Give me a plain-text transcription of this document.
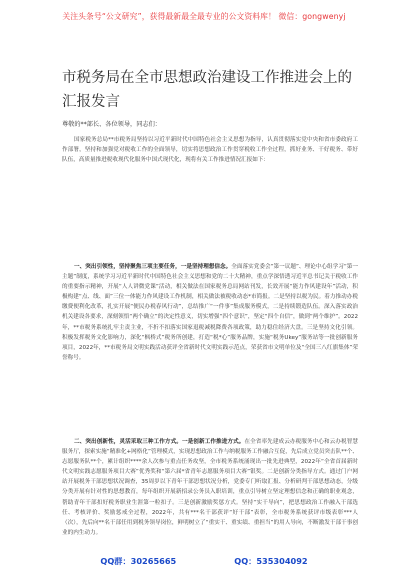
关注头条号“公文研究”，获得最新最全最专业的公文资料库！ 微信：gongwenyj
市税务局在全市思想政治建设工作推进会上的汇报发言
尊敬的**部长、各位领导，同志们：

国家税务总局**市税务局坚持以习近平新时代中国特色社会主义思想为指导，认真贯彻落实党中央和省市委政府工作部署，坚持和加强党对税收工作的全面领导，切实将思想政治工作贯穿税收工作全过程，抓好业务、干好税务、带好队伍，高质量推进税收现代化服务中国式现代化，现将有关工作推进情况汇报如下：

一、突出引领性，坚持聚焦三项主要任务，一是坚持理想信念。全面落实党委会“第一议题”、理论中心组学习“第一主题”制度，系统学习习近平新时代中国特色社会主义思想和党的二十大精神，重点学深悟透习近平总书记关于税收工作的重要指示精神，开展“人人讲微党课”活动，相关做法在国家税务总局网站刊发，长效开展“能力作风建设年”活动，积极构建“点、线、面”三位一体能力作风建设工作机制，相关做法被税收动态*市简报。二是坚持以税为民。着力推动办税缴费便利化改革，扎实开展“便民办税春风行动”，总结推广“一件事”集成服务模式，二是持续锻造队伍。深入落实政治机关建设各要求，深刻领悟“两个确立”的决定性意义，切实增强“四个意识”，坚定“四个自信”，做到“两个维护”。2022年，**市税务系统扎牢主责主业，不折不扣落实国家退税减税降费各项政策，助力稳住经济大盘。三是坚持文化引领。积极发挥税务文化影响力，深化“枫桥式”税务所创建，打造“税*心”服务品牌，实施“税务Ukey”服务站等一批创新服务项目，2022年，**市税务局文明实践活动获评全省新时代文明实践示范点，荣获省市文明单位及“全国三八红旗集体”荣誉称号。

二、突出创新性，灵活采取三种工作方式。一是创新工作推进方式。在全省率先建成云办税服务中心和云办税智慧服务厅，探索实施“精准化+网格化”管理模式，实现思想政治工作与纳税服务工作融合互促，先后成立党员突击队**个、志愿服务队**个，累计组织****余人次参与重点任务攻坚，全市税务系统涌现出一批先进典型，2022年“全省首届新时代文明实践志愿服务项目大赛”优秀奖和“第六届*省青年志愿服务项目大赛”银奖。二是创新分类指导方式。通过门户网站开展税务干部思想状况调查，35周岁以下青年干部思想状况分析，党委专门听取汇报、分析研判干部思想动态，分级分类开展有针对性的思想教育，每年组织开展新招录公务员入职培训，重点引导树立坚定理想信念和正确的职业观念，帮助青年干部扣好税务职业生涯第一粒扣子。三是创新激励奖惩方式。坚持“实干导向”，把思想政治工作融入干部选任、考核评价、奖励惩戒全过程，2022年，共有***名干部获评“好干部”表彰，全市税务系统获评市级表彰***人（次），先后向**名干部任用到税务领导岗位，鲜明树立了“重实干、重实绩、重担当”的用人导向，不断激发干部干事创业的内生动力。

QQ群：30265665	QQ：535304092
